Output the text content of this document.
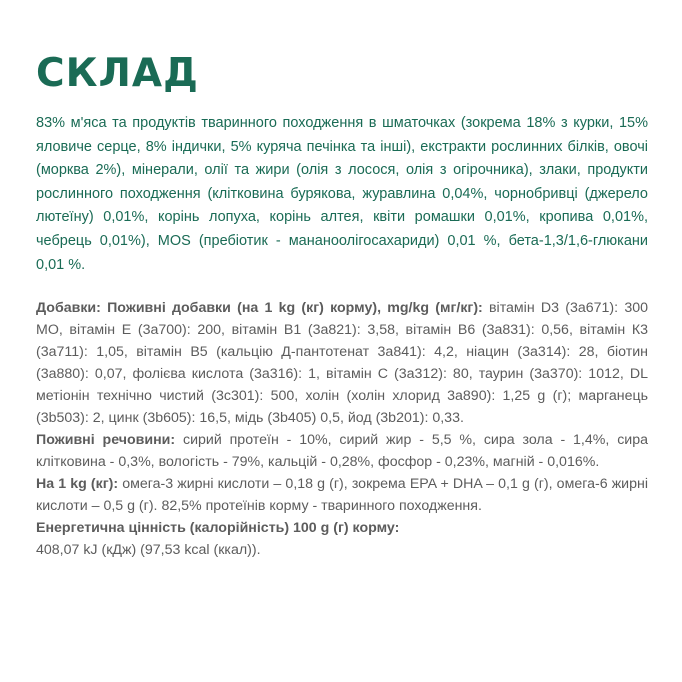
СКЛАД

83% м'яса та продуктів тваринного походження в шматочках (зокрема 18% з курки, 15% яловиче серце, 8% індички, 5% куряча печінка та інші), екстракти рослинних білків, овочі (морква 2%), мінерали, олії та жири (олія з лосося, олія з огірочника), злаки, продукти рослинного походження (клітковина бурякова, журавлина 0,04%, чорнобривці (джерело лютеїну) 0,01%, корінь лопуха, корінь алтея, квіти ромашки 0,01%, кропива 0,01%, чебрець 0,01%), MOS (пребіотик - мананоолігосахариди) 0,01 %, бета-1,3/1,6-глюкани 0,01 %.

Добавки: Поживні добавки (на 1 kg (кг) корму), mg/kg (мг/кг): вітамін D3 (3а671): 300 МО, вітамін Е (3а700): 200, вітамін В1 (3а821): 3,58, вітамін В6 (3а831): 0,56, вітамін К3 (3а711): 1,05, вітамін В5 (кальцію Д-пантотенат 3а841): 4,2, ніацин (3а314): 28, біотин (3а880): 0,07, фолієва кислота (3а316): 1, вітамін С (3а312): 80, таурин (3а370): 1012, DL метіонін технічно чистий (3с301): 500, холін (холін хлорид 3а890): 1,25 g (г); марганець (3b503): 2, цинк (3b605): 16,5, мідь (3b405) 0,5, йод (3b201): 0,33.

Поживні речовини: сирий протеїн - 10%, сирий жир - 5,5 %, сира зола - 1,4%, сира клітковина - 0,3%, вологість - 79%, кальцій - 0,28%, фосфор - 0,23%, магній - 0,016%.

На 1 kg (кг): омега-3 жирні кислоти – 0,18 g (г), зокрема EPA + DHA – 0,1 g (г), омега-6 жирні кислоти – 0,5 g (г). 82,5% протеїнів корму - тваринного походження.

Енергетична цінність (калорійність) 100 g (г) корму:
408,07 kJ (кДж) (97,53 kcal (ккал)).
